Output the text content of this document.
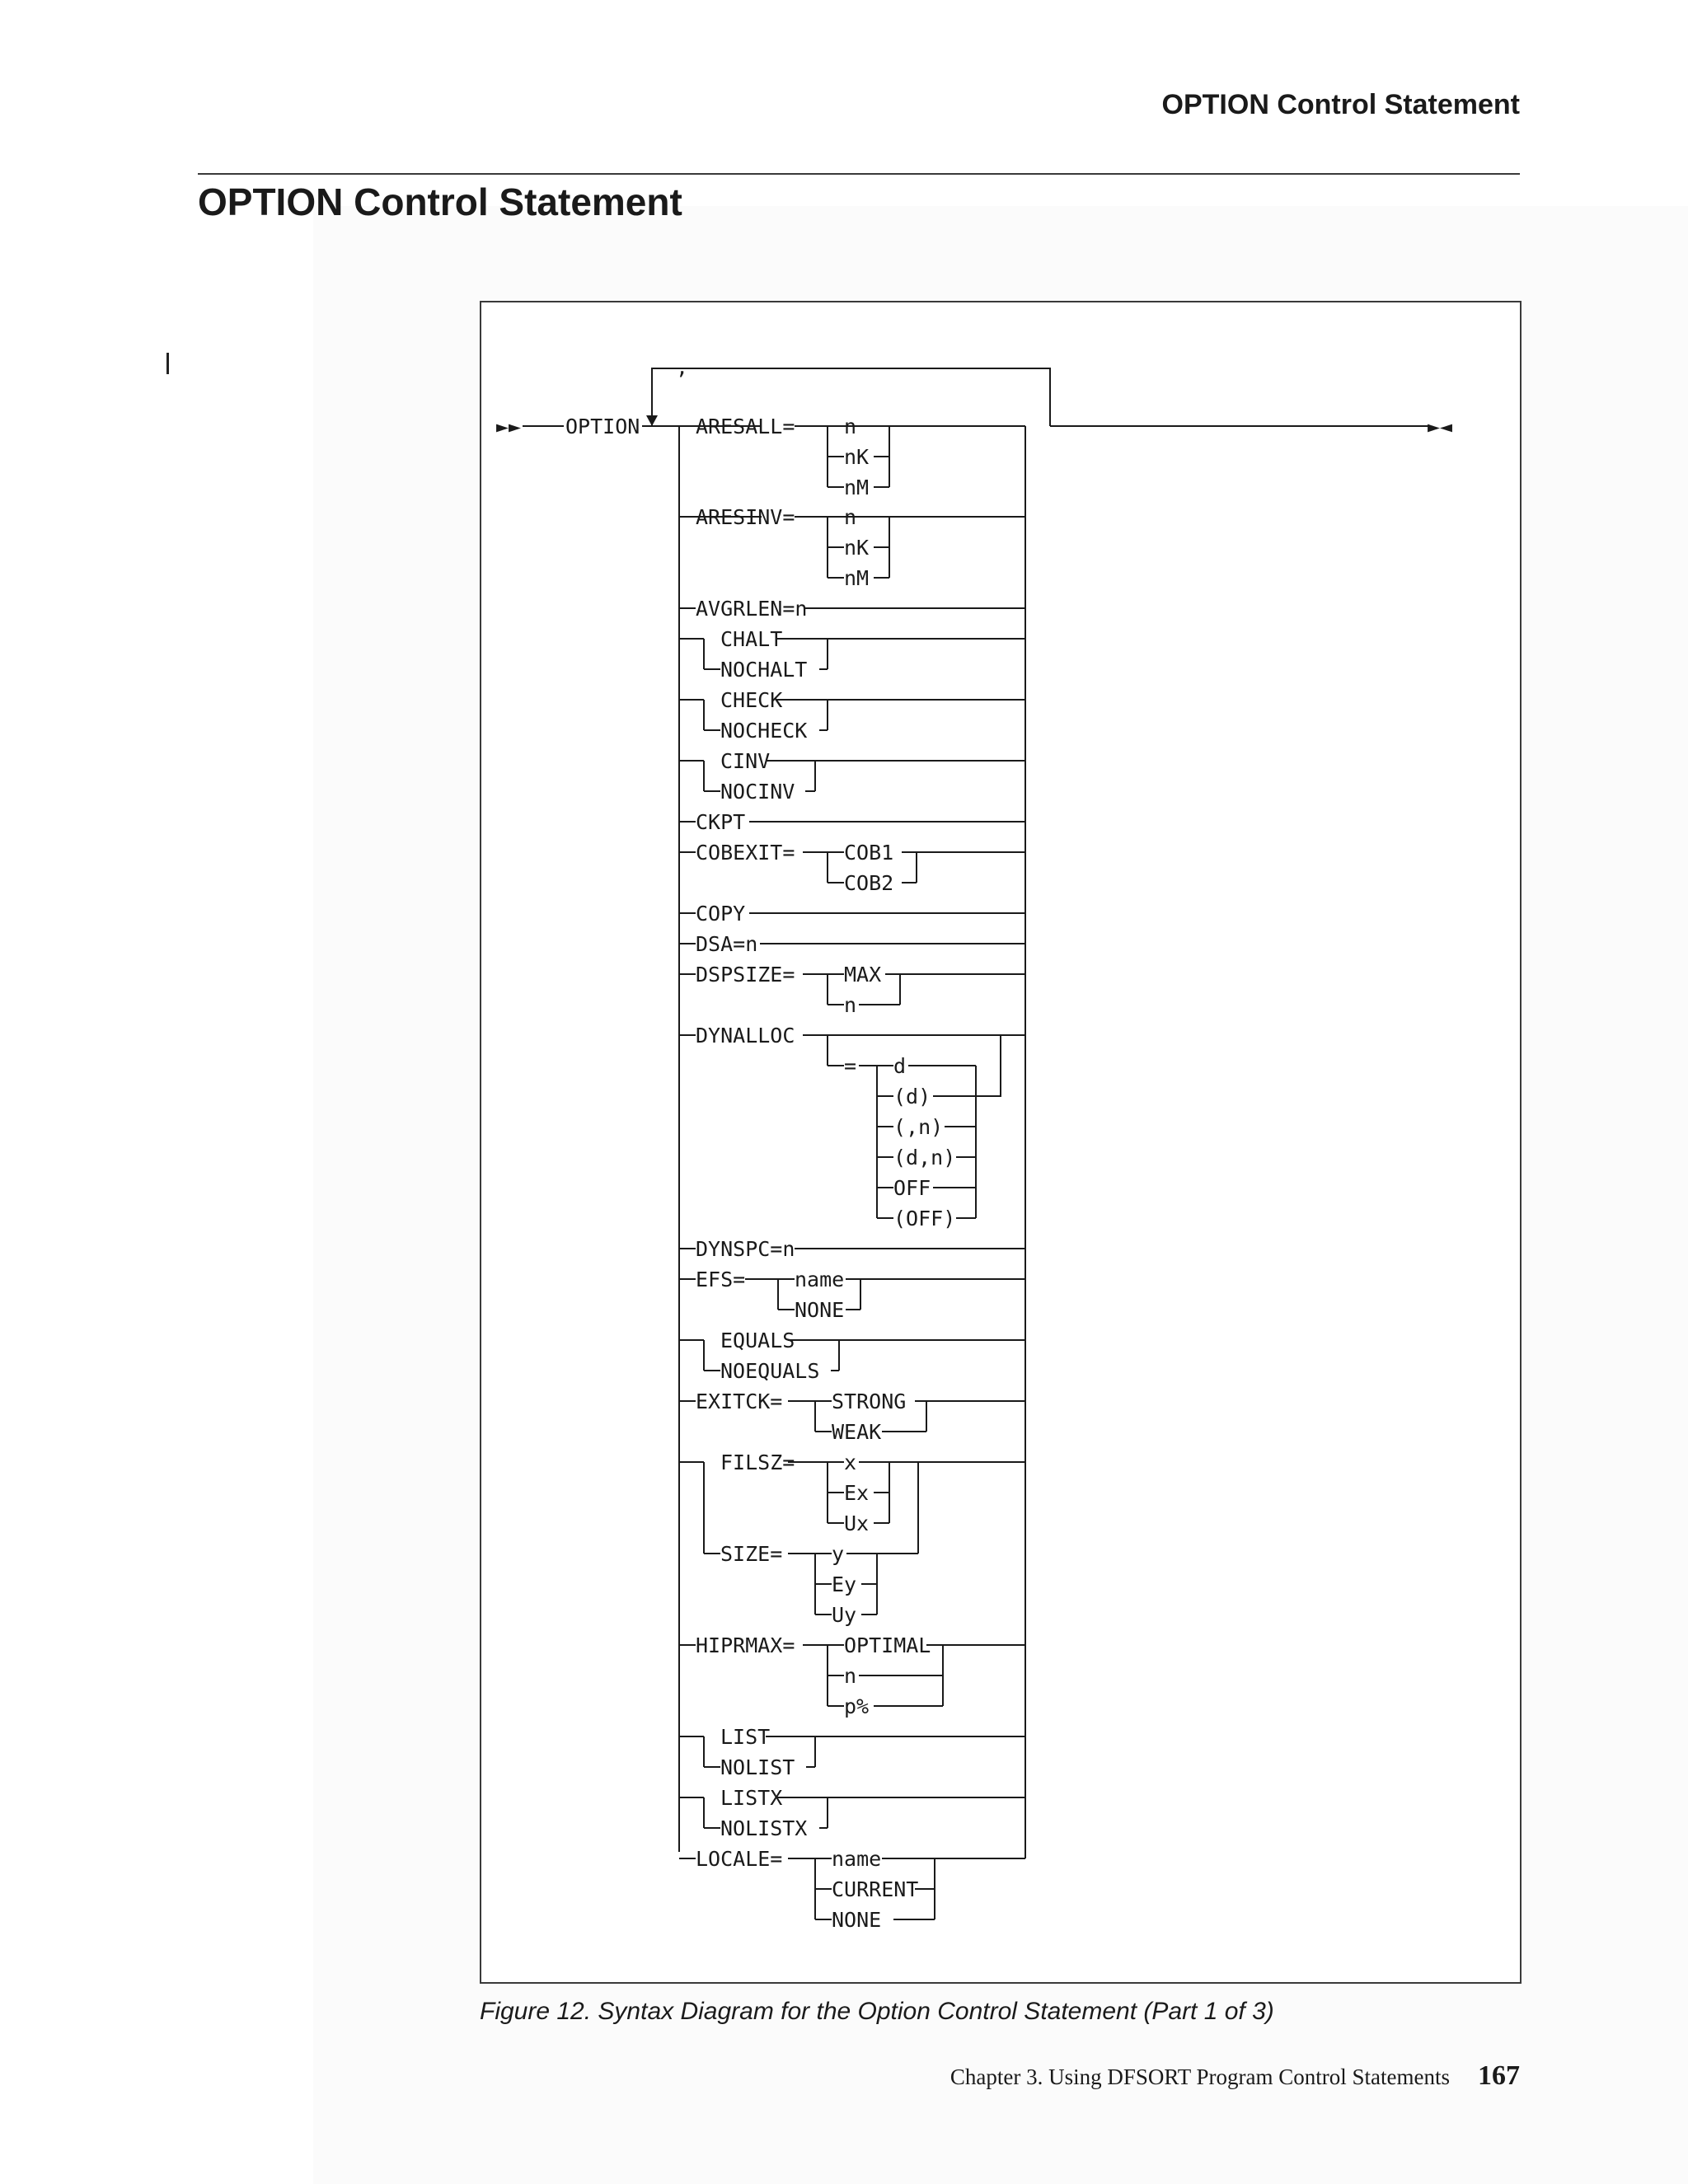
OPTION Control Statement
OPTION Control Statement
►►	►◄
,
OPTION	ARESALL= n
nK
nM
ARESINV= n
nK
nM
AVGRLEN=n
CHALT
NOCHALT
CHECK
NOCHECK
CINV
NOCINV
CKPT
COBEXIT= COB1
COB2
COPY
DSA=n
DSPSIZE= MAX
n
DYNALLOC
= d
(d)
(,n)
(d,n)
OFF
(OFF)
DYNSPC=n
EFS= name
NONE
EQUALS
NOEQUALS
EXITCK= STRONG
WEAK
FILSZ= x
Ex
Ux
SIZE= y
Ey
Uy
HIPRMAX= OPTIMAL
n
p%
LIST
NOLIST
LISTX
NOLISTX
LOCALE= name
CURRENT
NONE
Figure 12. Syntax Diagram for the Option Control Statement (Part 1 of 3)
Chapter 3. Using DFSORT Program Control Statements 167
